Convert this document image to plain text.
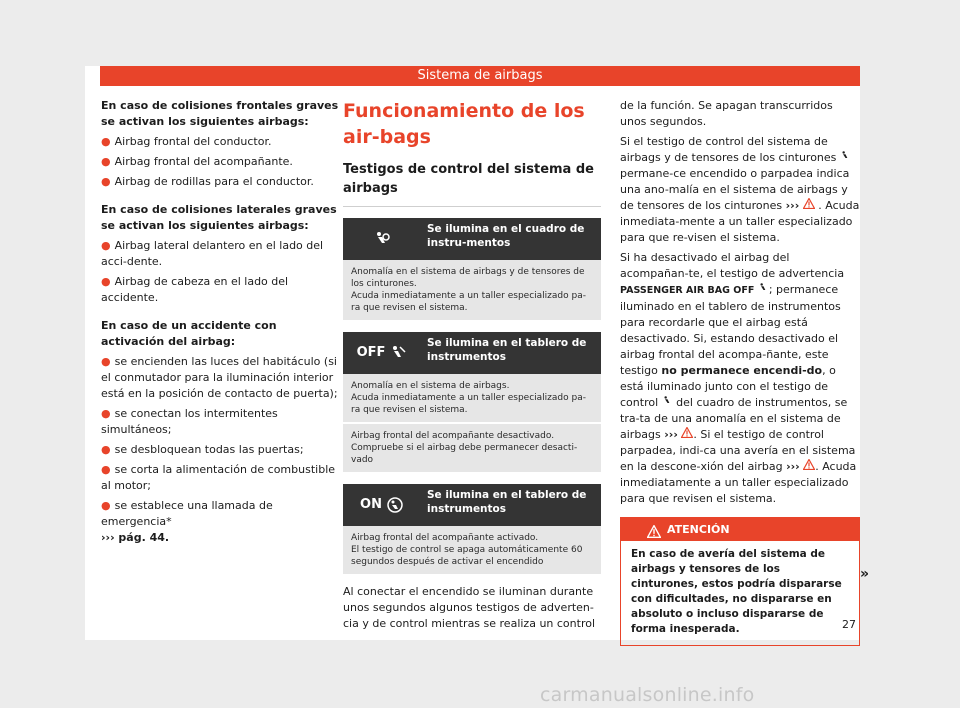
Sistema de airbags
En caso de colisiones frontales graves se activan los siguientes airbags:
● Airbag frontal del conductor.
● Airbag frontal del acompañante.
● Airbag de rodillas para el conductor.
En caso de colisiones laterales graves se activan los siguientes airbags:
● Airbag lateral delantero en el lado del acci-dente.
● Airbag de cabeza en el lado del accidente.
En caso de un accidente con activación del airbag:
● se encienden las luces del habitáculo (si el conmutador para la iluminación interior está en la posición de contacto de puerta);
● se conectan los intermitentes simultáneos;
● se desbloquean todas las puertas;
● se corta la alimentación de combustible al motor;
● se establece una llamada de emergencia*
››› pág. 44.
Funcionamiento de los air-bags
Testigos de control del sistema de airbags
Se ilumina en el cuadro de instru-mentos
Anomalía en el sistema de airbags y de tensores de los cinturones.
Acuda inmediatamente a un taller especializado pa-ra que revisen el sistema.
OFF
Se ilumina en el tablero de instrumentos
Anomalía en el sistema de airbags.
Acuda inmediatamente a un taller especializado pa-ra que revisen el sistema.
Airbag frontal del acompañante desactivado.
Compruebe si el airbag debe permanecer desacti-vado
ON
Se ilumina en el tablero de instrumentos
Airbag frontal del acompañante activado.
El testigo de control se apaga automáticamente 60 segundos después de activar el encendido
Al conectar el encendido se iluminan durante unos segundos algunos testigos de adverten-cia y de control mientras se realiza un control
de la función. Se apagan transcurridos unos segundos.
Si el testigo de control del sistema de airbags y de tensores de los cinturones  permane-ce encendido o parpadea indica una ano-malía en el sistema de airbags y de tensores de los cinturones ››› . Acuda inmediata-mente a un taller especializado para que re-visen el sistema.
Si ha desactivado el airbag del acompañan-te, el testigo de advertencia PASSENGER AIR BAG OFF ; permanece iluminado en el tablero de instrumentos para recordarle que el airbag está desactivado. Si, estando desactivado el airbag frontal del acompa-ñante, este testigo no permanece encendi-do, o está iluminado junto con el testigo de control del cuadro de instrumentos, se tra-ta de una anomalía en el sistema de airbags ››› . Si el testigo de control parpadea, indi-ca una avería en el sistema en la descone-xión del airbag ››› . Acuda inmediatamente a un taller especializado para que revisen el sistema.
ATENCIÓN
En caso de avería del sistema de airbags y tensores de los cinturones, estos podría dispararse con dificultades, no dispararse en absoluto o incluso dispararse de forma inesperada.
»
27
carmanualsonline.info
